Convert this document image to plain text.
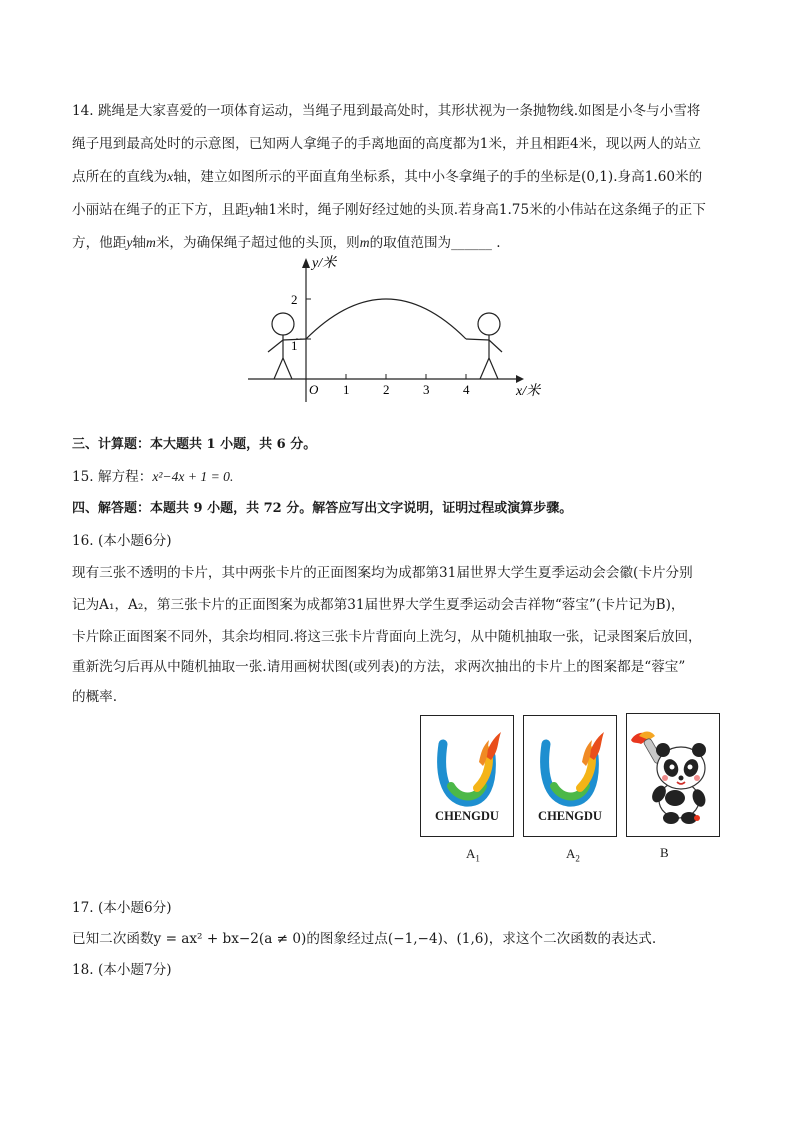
14. 跳绳是大家喜爱的一项体育运动，当绳子甩到最高处时，其形状视为一条抛物线.如图是小冬与小雪将
绳子甩到最高处时的示意图，已知两人拿绳子的手离地面的高度都为1米，并且相距4米，现以两人的站立
点所在的直线为x轴，建立如图所示的平面直角坐标系，其中小冬拿绳子的手的坐标是(0,1).身高1.60米的
小丽站在绳子的正下方，且距y轴1米时，绳子刚好经过她的头顶.若身高1.75米的小伟站在这条绳子的正下
方，他距y轴m米，为确保绳子超过他的头顶，则m的取值范围为______ .
y/米
x/米
O 1	2	3	4
1
2
三、计算题：本大题共 1 小题，共 6 分。
15. 解方程：x²−4x + 1 = 0.
四、解答题：本题共 9 小题，共 72 分。解答应写出文字说明，证明过程或演算步骤。
16. (本小题6分)
现有三张不透明的卡片，其中两张卡片的正面图案均为成都第31届世界大学生夏季运动会会徽(卡片分别
记为A₁，A₂，第三张卡片的正面图案为成都第31届世界大学生夏季运动会吉祥物“蓉宝”(卡片记为B)，
卡片除正面图案不同外，其余均相同.将这三张卡片背面向上洗匀，从中随机抽取一张，记录图案后放回，
重新洗匀后再从中随机抽取一张.请用画树状图(或列表)的方法，求两次抽出的卡片上的图案都是“蓉宝”
的概率.
CHENGDU
$A_1$
CHENGDU
$A_2$	B
17. (本小题6分)
已知二次函数y = ax² + bx−2(a ≠ 0)的图象经过点(−1,−4)、(1,6)，求这个二次函数的表达式.
18. (本小题7分)
